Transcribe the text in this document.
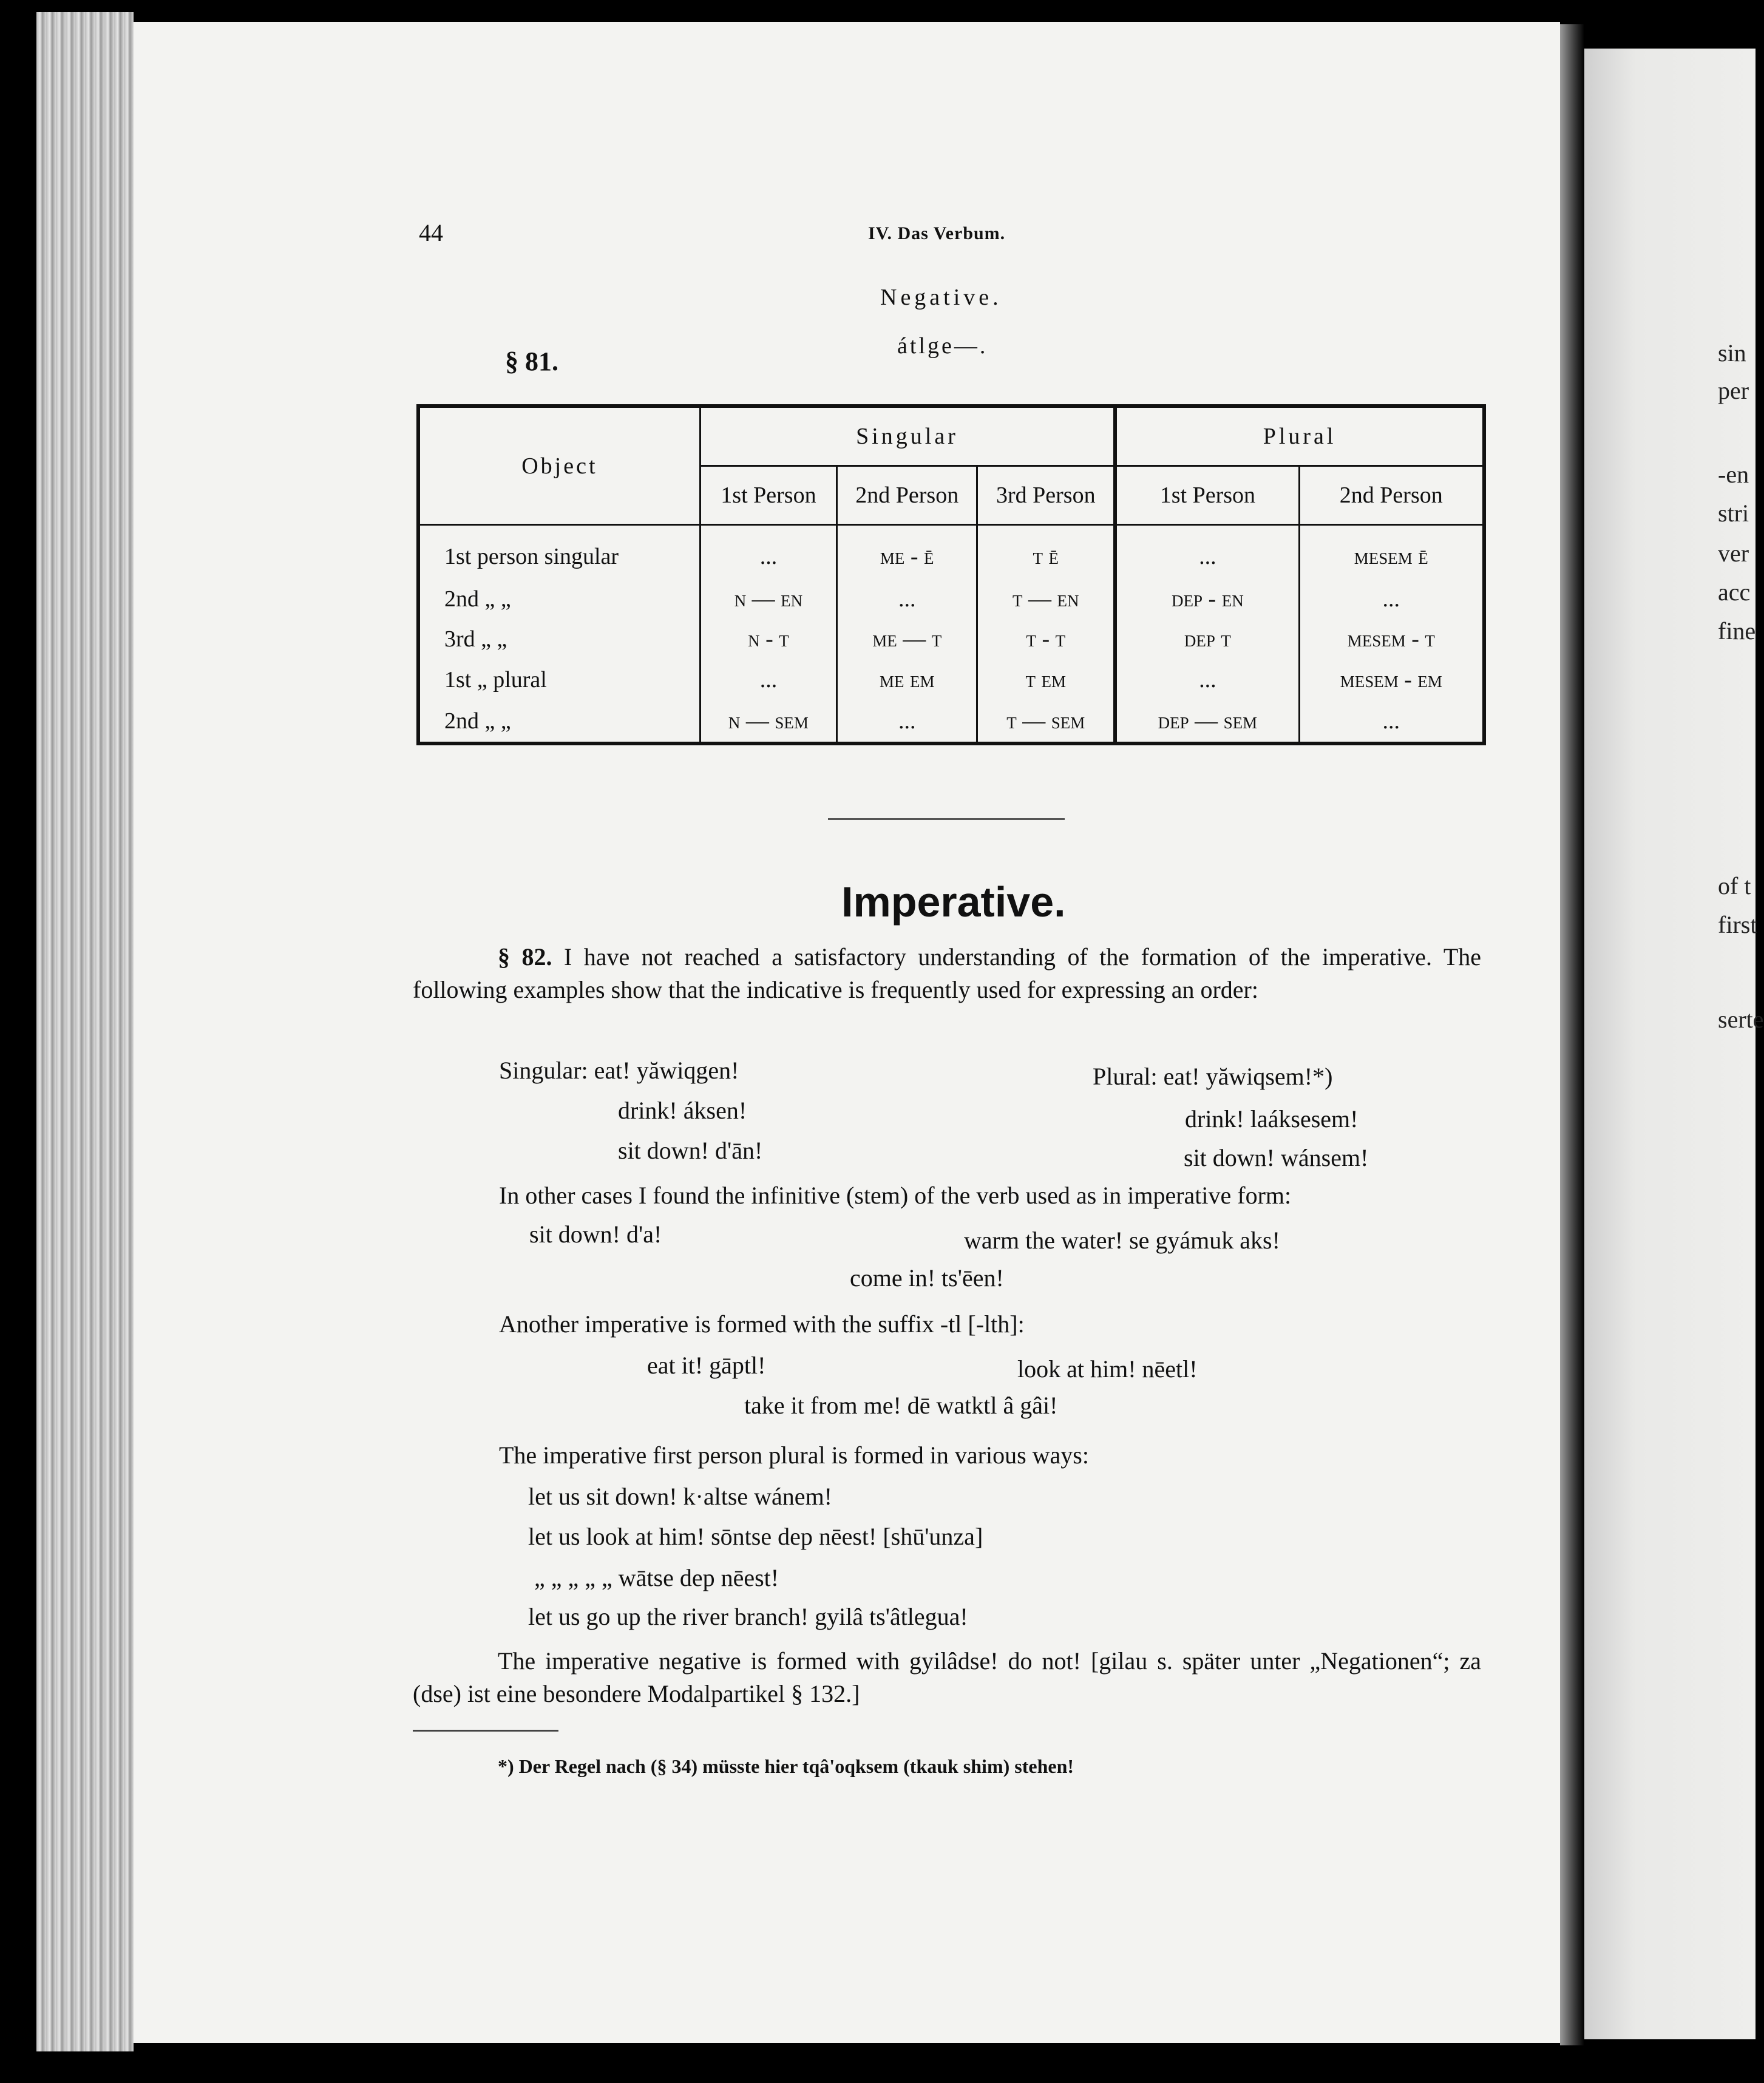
sin
per
-en
stri
ver
acc
fine
of t
first
serte
44	IV. Das Verbum.
Negative.
átlge—.
§ 81.
Object	Singular			Plural	
	1st Person	2nd Person	3rd Person	1st Person	2nd Person
1st person singular	...	me - ē	t ē	...	mesem ē
2nd „ „	n — en	...	t — en	dep - en	...
3rd „ „	n - t	me — t	t - t	dep t	mesem - t
1st „ plural	...	me em	t em	...	mesem - em
2nd „ „	n — sem	...	t — sem	dep — sem	...
Imperative.
§ 82. I have not reached a satisfactory understanding of the formation of the imperative. The following examples show that the indicative is frequently used for expressing an order:
Singular: eat! yăwiqgen!
drink! áksen!
sit down! d'ān!
Plural: eat! yăwiqsem!*)
drink! laáksesem!
sit down! wánsem!
In other cases I found the infinitive (stem) of the verb used as in imperative form:
sit down! d'a!	warm the water! se gyámuk aks!
come in! ts'ēen!
Another imperative is formed with the suffix -tl [-lth]:
eat it! gāptl!	look at him! nēetl!
take it from me! dē watktl â gâi!
The imperative first person plural is formed in various ways:
let us sit down! k·altse wánem!
let us look at him! sōntse dep nēest! [shū'unza]
„ „ „ „ „ wātse dep nēest!
let us go up the river branch! gyilâ ts'âtlegua!
The imperative negative is formed with gyilâdse! do not! [gilau s. später unter „Negationen“; za (dse) ist eine besondere Modalpartikel § 132.]
*) Der Regel nach (§ 34) müsste hier tqâ'oqksem (tkauk shim) stehen!
